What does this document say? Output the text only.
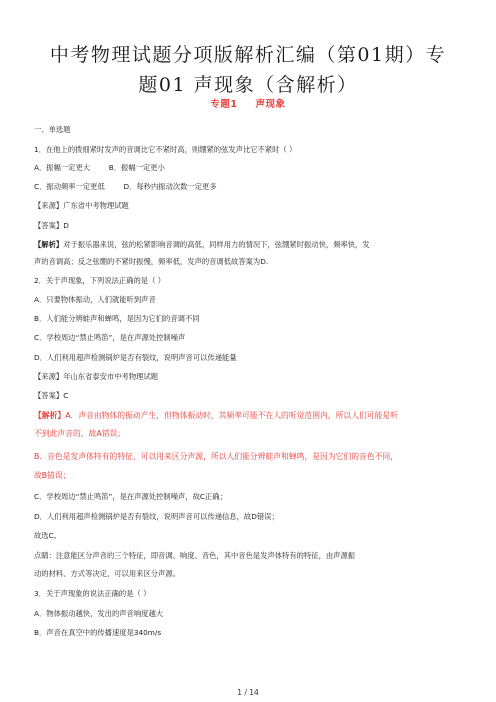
中考物理试题分项版解析汇编（第01期）专
题01 声现象（含解析）
专题1 声现象
一、单选题
1．在他上的拨细紧时发声的音调比它不紧时高，则绷紧的弦发声比它不紧时（ ）
A．振幅一定更大	B．振幅一定更小
C．振动频率一定更低	D．每秒内振动次数一定更多
【来源】广东省中考物理试题
【答案】D
【解析】对于振乐器来说，弦的松紧影响音调的高低，同样用力的情况下，弦绷紧时振动快，频率快，发
声的音调高；反之弦绷的不紧时振慢，频率低，发声的音调低故答案为D.
2．关于声现象，下列说法正确的是（ ）
A．只要物体振动，人们就能听到声音
B．人们能分辨蛙声和蝉鸣，是因为它们的音调不同
C．学校周边“禁止鸣笛”，是在声源处控制噪声
D．人们利用超声检测锅炉是否有裂纹，说明声音可以传递能量
【来源】年山东省泰安市中考物理试题
【答案】C
【解析】A．声音由物体的振动产生，但物体振动时，其频率可能不在人的听觉范围内，所以人们可能是听
不到此声音的，故A错误；
B．音色是发声体特有的特征，可以用来区分声源，所以人们能分辨蛙声和蝉鸣，是因为它们的音色不同，
故B错误；
C．学校周边“禁止鸣笛”，是在声源处控制噪声，故C正确；
D．人们利用超声检测锅炉是否有裂纹，说明声音可以传递信息，故D错误；
故选C。
点睛：注意能区分声音的三个特征，即音调、响度、音色，其中音色是发声体特有的特征，由声源振
动的材料、方式等决定，可以用来区分声源。
3．关于声现象的说法正确的是（ ）
A．物体振动越快，发出的声音响度越大
B．声音在真空中的传播速度是340m/s
1 / 14
